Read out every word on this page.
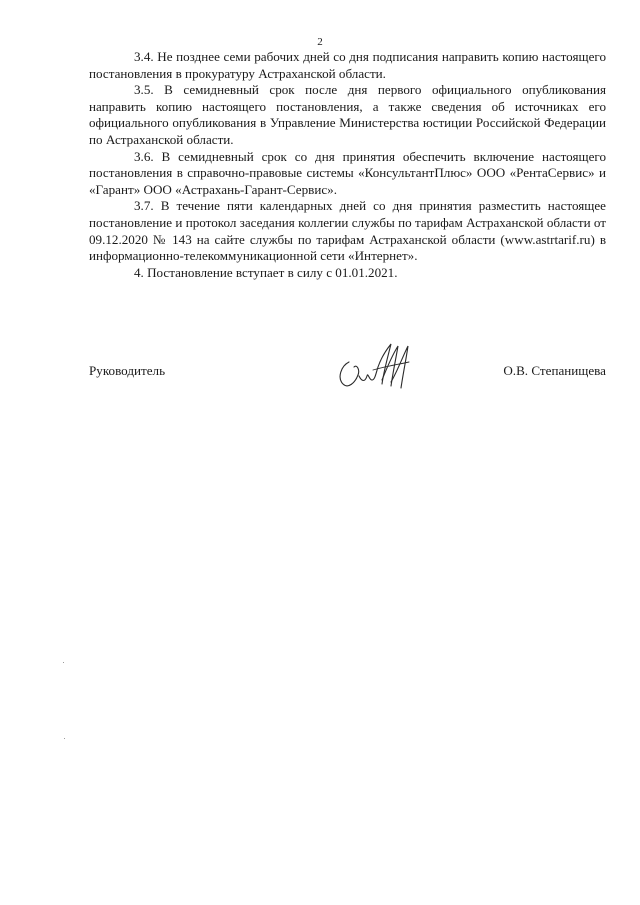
2

3.4. Не позднее семи рабочих дней со дня подписания направить копию настоящего постановления в прокуратуру Астраханской области.

3.5. В семидневный срок после дня первого официального опубликования направить копию настоящего постановления, а также сведения об источниках его официального опубликования в Управление Министерства юстиции Российской Федерации по Астраханской области.

3.6. В семидневный срок со дня принятия обеспечить включение настоящего постановления в справочно-правовые системы «КонсультантПлюс» ООО «РентаСервис» и «Гарант» ООО «Астрахань-Гарант-Сервис».

3.7. В течение пяти календарных дней со дня принятия разместить настоящее постановление и протокол заседания коллегии службы по тарифам Астраханской области от 09.12.2020 № 143 на сайте службы по тарифам Астраханской области (www.astrtarif.ru) в информационно-телекоммуникационной сети «Интернет».

4. Постановление вступает в силу с 01.01.2021.

Руководитель	О.В. Степанищева
